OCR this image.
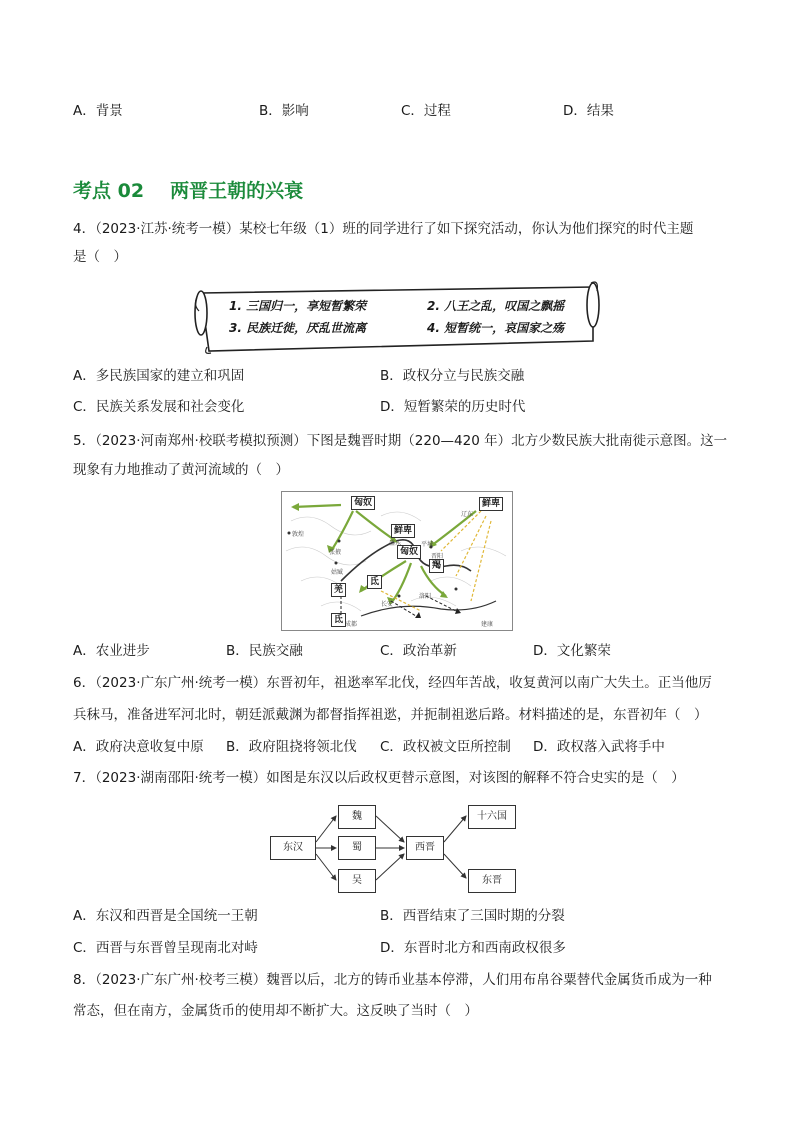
A．背景	B．影响	C．过程	D．结果
考点 02 两晋王朝的兴衰
4．（2023·江苏·统考一模）某校七年级（1）班的同学进行了如下探究活动，你认为他们探究的时代主题
是（　）
1. 三国归一，享短暂繁荣	2. 八王之乱，叹国之飘摇
3. 民族迁徙，厌乱世流离	4. 短暂统一，哀国家之殇
A．多民族国家的建立和巩固	B．政权分立与民族交融
C．民族关系发展和社会变化	D．短暂繁荣的历史时代
5．（2023·河南郑州·校联考模拟预测）下图是魏晋时期（220—420 年）北方少数民族大批南徙示意图。这一
现象有力地推动了黄河流域的（　）
匈奴	鲜卑
鲜卑
匈奴
羯
羌
氐
氐
敦煌
张掖
姑臧
盛乐	平城
辽东
长安
洛阳
建康
成都
晋阳
A．农业进步	B．民族交融	C．政治革新	D．文化繁荣
6．（2023·广东广州·统考一模）东晋初年，祖逖率军北伐，经四年苦战，收复黄河以南广大失土。正当他厉
兵秣马，准备进军河北时，朝廷派戴渊为都督指挥祖逖，并扼制祖逖后路。材料描述的是，东晋初年（　）
A．政府决意收复中原 B．政府阻挠将领北伐 C．政权被文臣所控制 D．政权落入武将手中
7．（2023·湖南邵阳·统考一模）如图是东汉以后政权更替示意图，对该图的解释不符合史实的是（　）
东汉
魏
蜀
吴
西晋
十六国
东晋
A．东汉和西晋是全国统一王朝	B．西晋结束了三国时期的分裂
C．西晋与东晋曾呈现南北对峙	D．东晋时北方和西南政权很多
8．（2023·广东广州·校考三模）魏晋以后，北方的铸币业基本停滞，人们用布帛谷粟替代金属货币成为一种
常态，但在南方，金属货币的使用却不断扩大。这反映了当时（　）
